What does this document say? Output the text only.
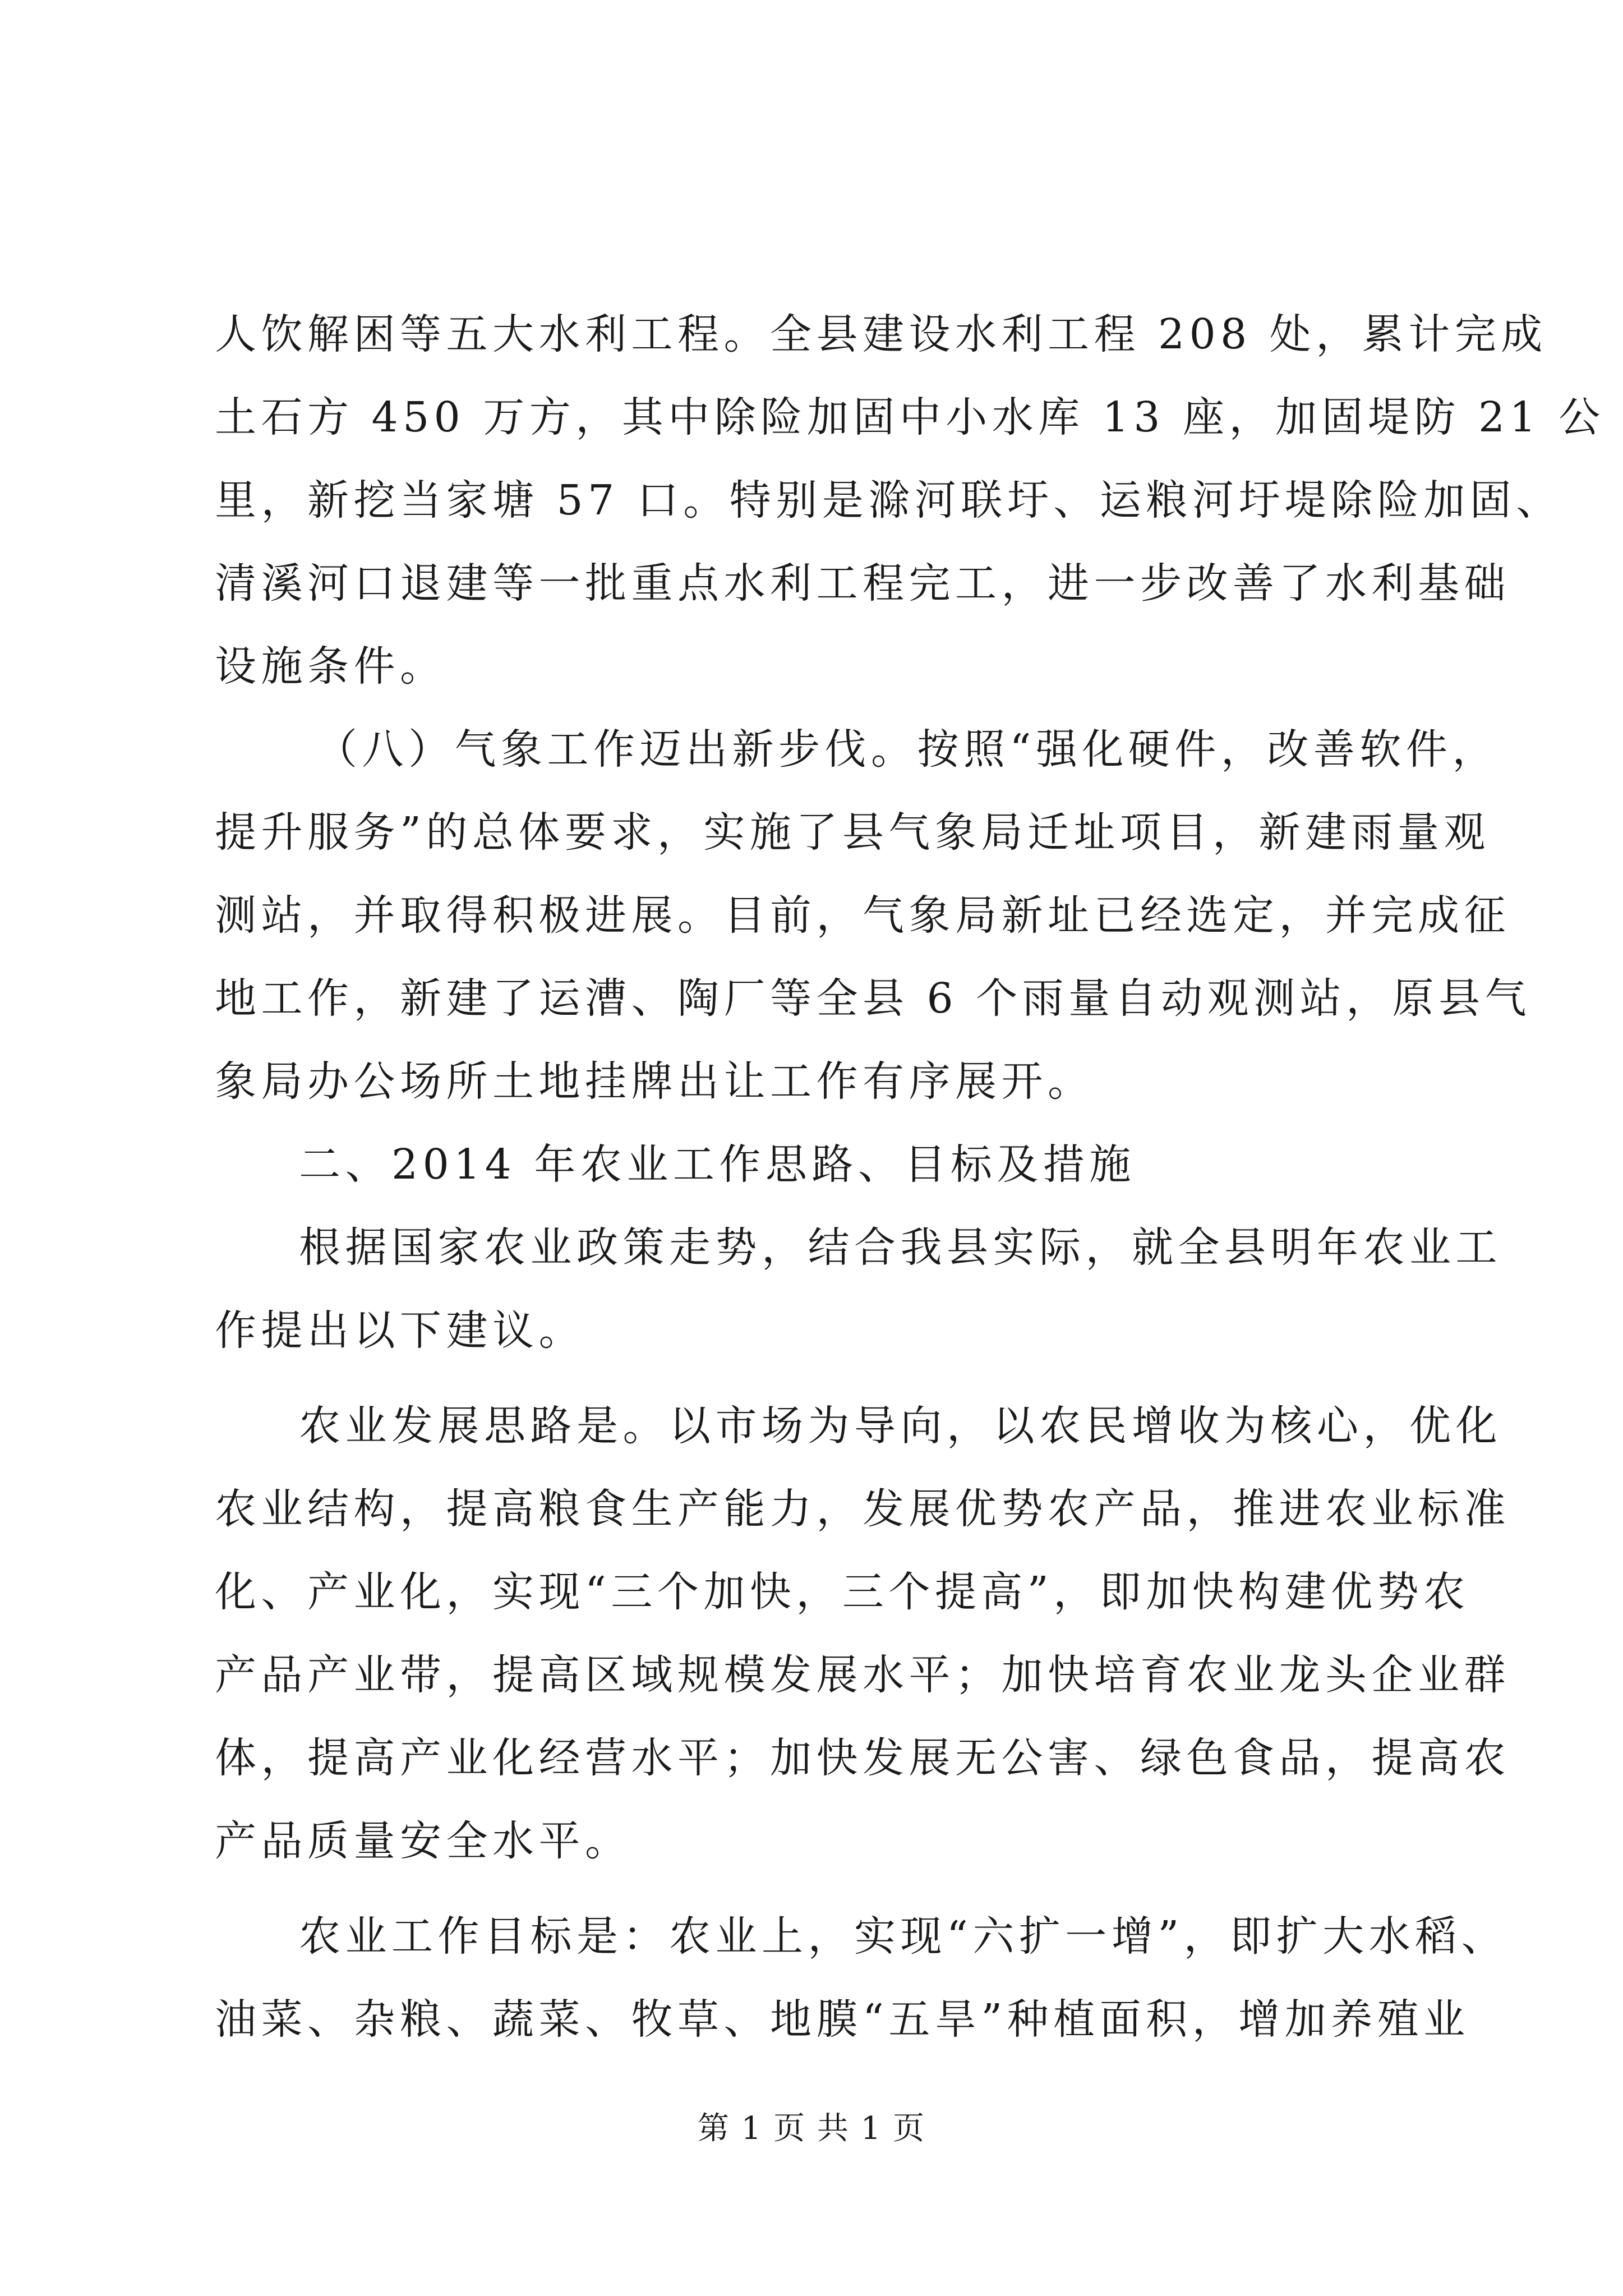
人饮解困等五大水利工程。全县建设水利工程 208 处，累计完成
土石方 450 万方，其中除险加固中小水库 13 座，加固堤防 21 公
里，新挖当家塘 57 口。特别是滁河联圩、运粮河圩堤除险加固、
清溪河口退建等一批重点水利工程完工，进一步改善了水利基础
设施条件。
（八）气象工作迈出新步伐。按照“强化硬件，改善软件，
提升服务”的总体要求，实施了县气象局迁址项目，新建雨量观
测站，并取得积极进展。目前，气象局新址已经选定，并完成征
地工作，新建了运漕、陶厂等全县 6 个雨量自动观测站，原县气
象局办公场所土地挂牌出让工作有序展开。
二、2014 年农业工作思路、目标及措施
根据国家农业政策走势，结合我县实际，就全县明年农业工
作提出以下建议。
农业发展思路是。以市场为导向，以农民增收为核心，优化
农业结构，提高粮食生产能力，发展优势农产品，推进农业标准
化、产业化，实现“三个加快，三个提高”，即加快构建优势农
产品产业带，提高区域规模发展水平；加快培育农业龙头企业群
体，提高产业化经营水平；加快发展无公害、绿色食品，提高农
产品质量安全水平。
农业工作目标是：农业上，实现“六扩一增”，即扩大水稻、
油菜、杂粮、蔬菜、牧草、地膜“五旱”种植面积，增加养殖业
第 1 页 共 1 页
